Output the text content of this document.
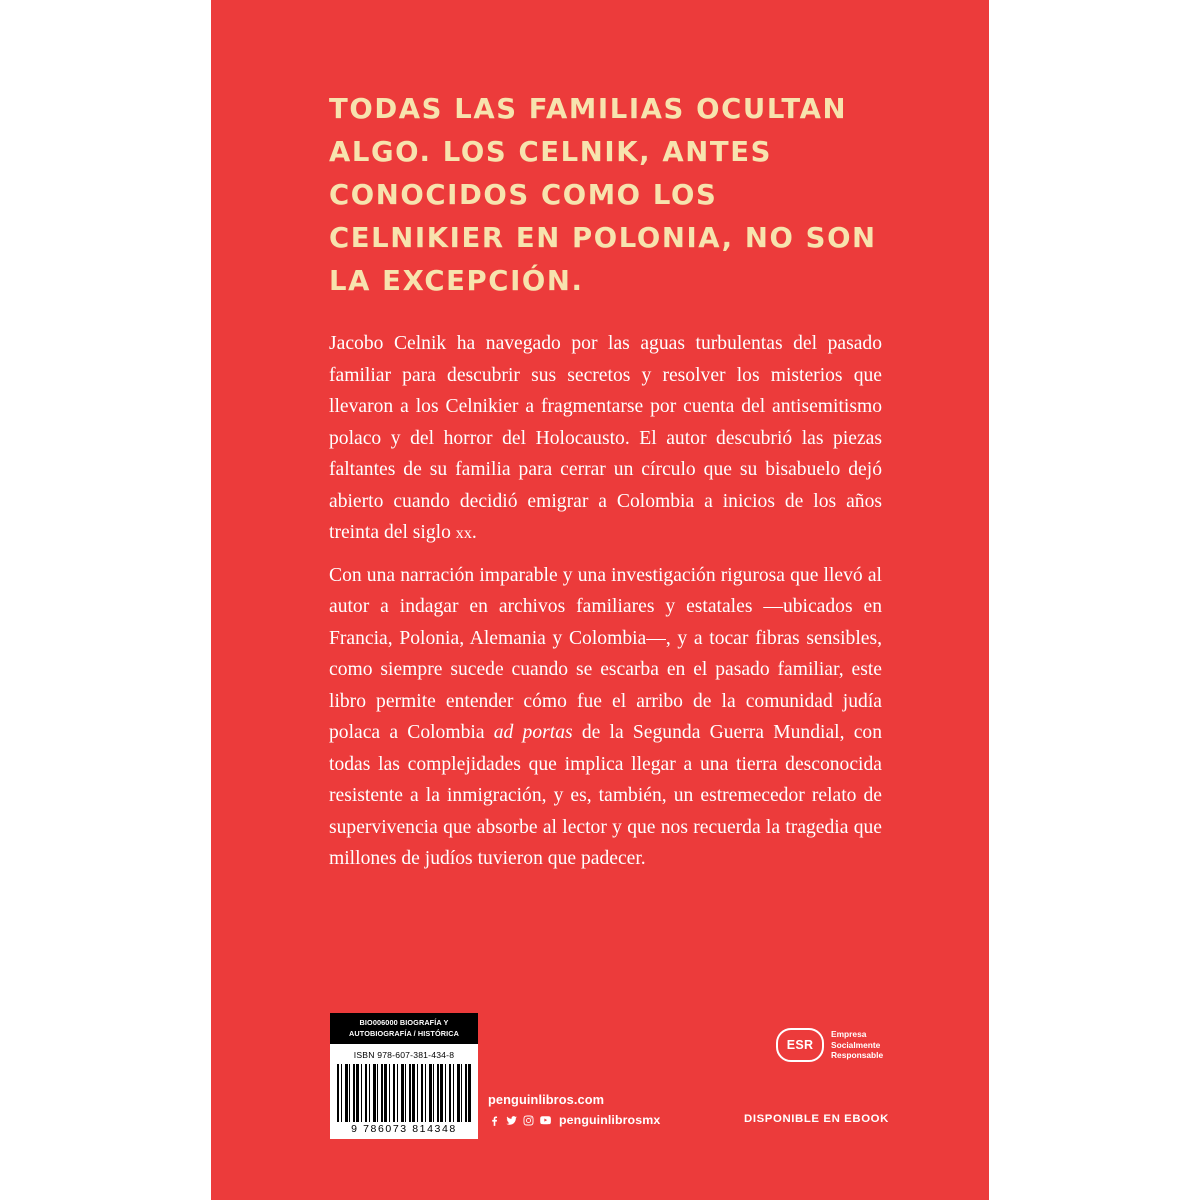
TODAS LAS FAMILIAS OCULTAN ALGO. LOS CELNIK, ANTES CONOCIDOS COMO LOS CELNIKIER EN POLONIA, NO SON LA EXCEPCIÓN.

Jacobo Celnik ha navegado por las aguas turbulentas del pasado familiar para descubrir sus secretos y resolver los misterios que llevaron a los Celnikier a fragmentarse por cuenta del antisemitismo polaco y del horror del Holocausto. El autor descubrió las piezas faltantes de su familia para cerrar un círculo que su bisabuelo dejó abierto cuando decidió emigrar a Colombia a inicios de los años treinta del siglo xx.

Con una narración imparable y una investigación rigurosa que llevó al autor a indagar en archivos familiares y estatales —ubicados en Francia, Polonia, Alemania y Colombia—, y a tocar fibras sensibles, como siempre sucede cuando se escarba en el pasado familiar, este libro permite entender cómo fue el arribo de la comunidad judía polaca a Colombia ad portas de la Segunda Guerra Mundial, con todas las complejidades que implica llegar a una tierra desconocida resistente a la inmigración, y es, también, un estremecedor relato de supervivencia que absorbe al lector y que nos recuerda la tragedia que millones de judíos tuvieron que padecer.

BIO006000 BIOGRAFÍA Y
AUTOBIOGRAFÍA / HISTÓRICA
ISBN 978-607-381-434-8
9 786073 814348
penguinlibros.com
penguinlibrosmx
ESR
Empresa
Socialmente
Responsable
DISPONIBLE EN EBOOK
